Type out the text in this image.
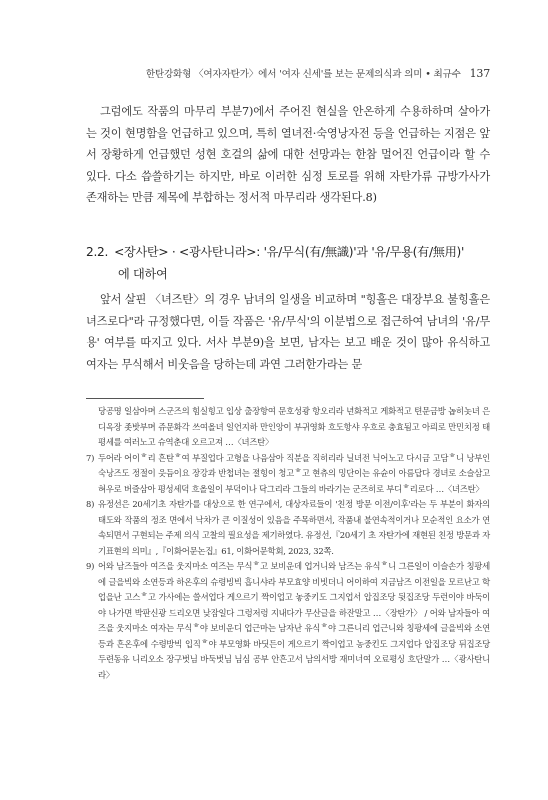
한탄강화형 〈여자자탄가〉에서 '여자 신세'를 보는 문제의식과 의미 • 최규수 137
그럼에도 작품의 마무리 부분7)에서 주어진 현실을 안온하게 수용하하며 살아가는 것이 현명함을 언급하고 있으며, 특히 열녀전·숙영낭자전 등을 언급하는 지점은 앞서 장황하게 언급했던 성현 호걸의 삶에 대한 선망과는 한참 멀어진 언급이라 할 수 있다. 다소 씁쓸하기는 하지만, 바로 이러한 심정 토로를 위해 자탄가류 규방가사가 존재하는 만큼 제목에 부합하는 정서적 마무리라 생각된다.8)
2.2. <장사탄> · <광사탄니라>: '유/무식(有/無識)'과 '유/무용(有/無用)'
에 대하여
앞서 살핀 〈녀즈탄〉의 경우 남녀의 일생을 비교하며 "힝흘은 대장부요 불힝흘은 녀즈로다"라 규정했다면, 이들 작품은 '유/무식'의 이분법으로 접근하여 남녀의 '유/무용' 여부를 따지고 있다. 서사 부분9)을 보면, 남자는 보고 배운 것이 많아 유식하고 여자는 무식해서 비웃음을 당하는데 과연 그러한가라는 문

당공명 일삼아며 스군즈의 힘실힝고 입상 출장항여 문호성광 항오리라 년화적고 게화적고 텬문금방 놉히놋녀 은디옥장 좃밧부며 쥬문화각 쓰여올녀 일언지하 만인앙이 부귀영화 흐도항샤 우흐로 충효됨고 아릐로 만민치정 태평세를 여러노고 슈역춘대 오르고져 …〈녀즈탄〉

7) 두어라 어이ᄒ리 흔탄ᄒ여 부질업다 고형을 나음삼아 직분을 직히리라 닐녀전 닉어노고 다시금 고담ᄒ니 낭부인 숙낭즈도 정절이 읏듬이요 장강과 반첩녀는 졀힝이 청고ᄒ고 현츄의 밍단이는 유슌이 아름답다 경녀로 소슬삼고 혀우로 버즐삼아 평성세덕 흐올일이 부덕이나 닥그리라 그들의 바라기는 군즈히로 부디ᄒ리로다 …〈녀즈탄〉

8) 유정선은 20세기초 자탄가를 대상으로 한 연구에서, 대상자료들이 '친정 방문 이전/이후'라는 두 부분이 화자의 태도와 작품의 정조 면에서 낙차가 큰 이질성이 있음을 주목하면서, 작품내 불연속적이거나 모순적인 요소가 연속되면서 구현되는 주제 의식 고찰의 필요성을 제기하였다. 유정선,『20세기 초 자탄가에 재현된 친정 방문과 자기표현의 의미』,『이화어문논집』61, 이화어문학회, 2023, 32쪽.

9) 어와 남즈들아 여즈을 웃지마소 여즈는 무식ᄒ고 보비운데 업거니와 남즈는 유식ᄒ니 그른일이 이슬손가 칭팡세에 글을빅와 소연등과 하온후의 슈령빙빅 흡니샤라 부모효양 비빗더니 어이하여 지금남즈 이전일을 모르난고 학업을난 고스ᄒ고 가사에는 쓸셔업다 게으르기 짝이업고 놓중키도 그지업서 압집조당 뒷집조당 두런이야 바둑이야 나가면 박판신광 드리오면 낮잠일다 그렁저렁 지내다가 무산글을 하잔말고 …〈장탄가〉 / 어와 남자들아 여즈을 웃지마소 여자는 무식ᄒ야 보비운디 업근마는 남자난 유식ᄒ야 그른니리 업근니와 칭팡세에 글을빅와 소연등과 흔온후에 수령방빅 입직ᄒ야 부모영화 바딧든이 게으르기 짝이업고 농중킨도 그지업다 압집조당 뒤집조당 두련동유 니리오소 장구벗님 바둑벗님 님심 공부 안흔고서 남의서방 재미너여 오료평싱 흐단말가 …〈광사탄니라〉
